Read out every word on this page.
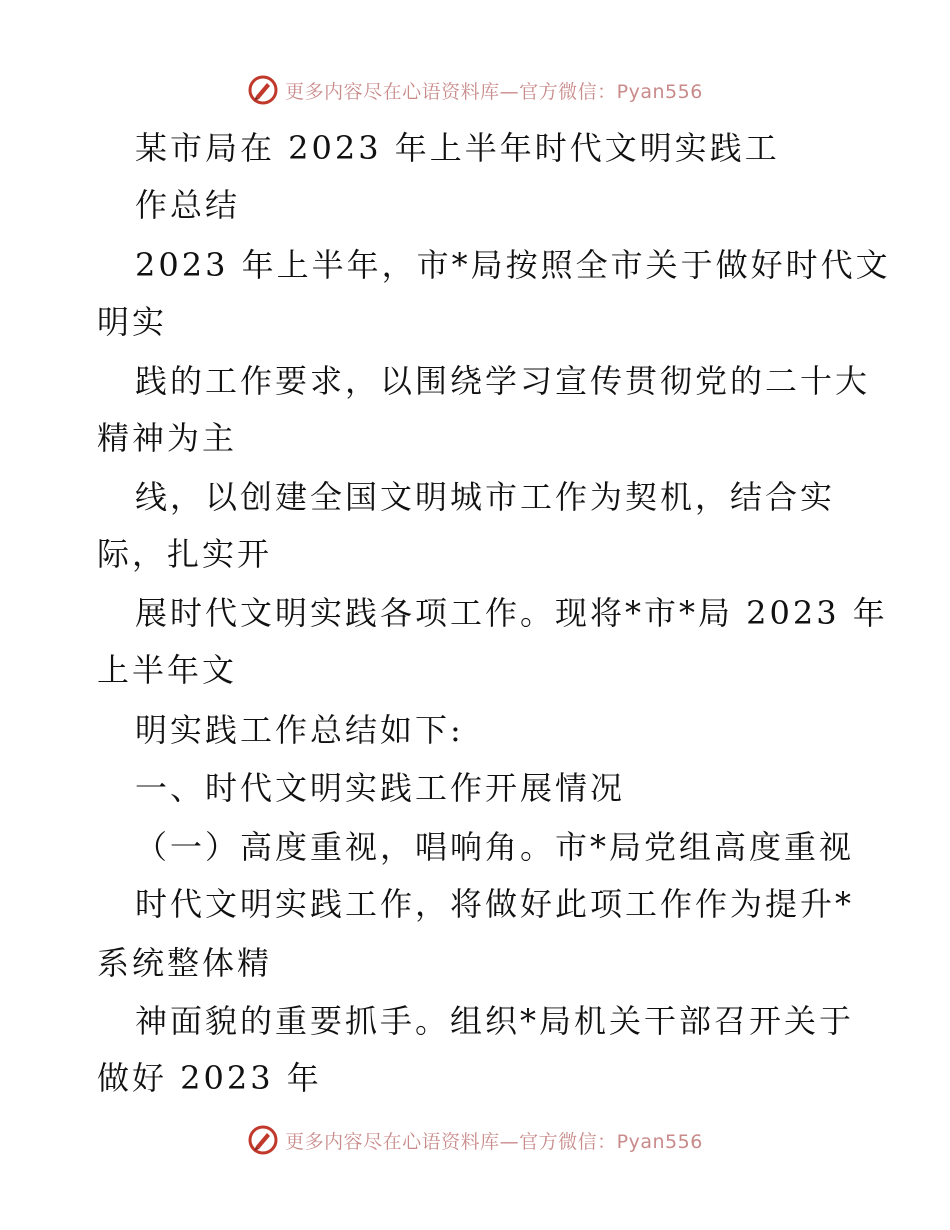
更多内容尽在心语资料库—官方微信：Pyan556
某市局在 2023 年上半年时代文明实践工
作总结
2023 年上半年，市*局按照全市关于做好时代文
明实
践的工作要求，以围绕学习宣传贯彻党的二十大
精神为主
线，以创建全国文明城市工作为契机，结合实
际，扎实开
展时代文明实践各项工作。现将*市*局 2023 年
上半年文
明实践工作总结如下:
一、时代文明实践工作开展情况
（一）高度重视，唱响角。市*局党组高度重视
时代文明实践工作，将做好此项工作作为提升*
系统整体精
神面貌的重要抓手。组织*局机关干部召开关于
做好 2023 年
更多内容尽在心语资料库—官方微信：Pyan556
